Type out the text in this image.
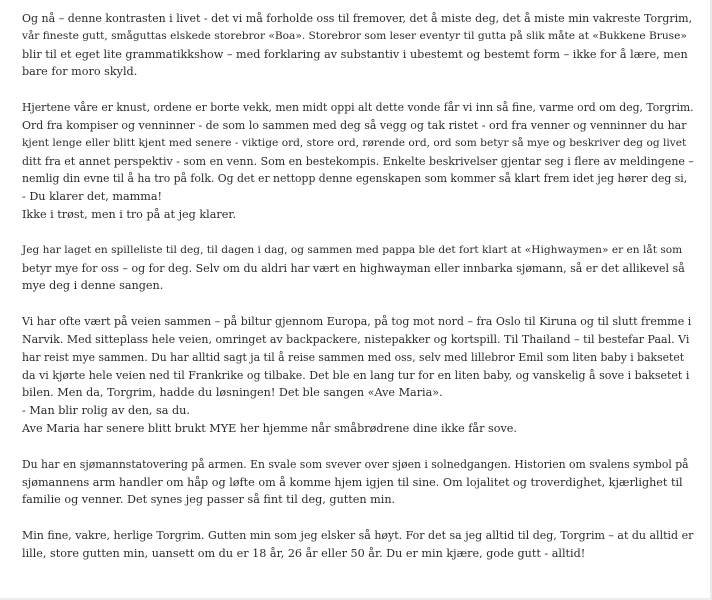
Og nå – denne kontrasten i livet - det vi må forholde oss til fremover, det å miste deg, det å miste min vakreste Torgrim,
vår fineste gutt, småguttas elskede storebror «Boa». Storebror som leser eventyr til gutta på slik måte at «Bukkene Bruse»
blir til et eget lite grammatikkshow – med forklaring av substantiv i ubestemt og bestemt form – ikke for å lære, men
bare for moro skyld.

Hjertene våre er knust, ordene er borte vekk, men midt oppi alt dette vonde får vi inn så fine, varme ord om deg, Torgrim.
Ord fra kompiser og venninner - de som lo sammen med deg så vegg og tak ristet - ord fra venner og venninner du har
kjent lenge eller blitt kjent med senere - viktige ord, store ord, rørende ord, ord som betyr så mye og beskriver deg og livet
ditt fra et annet perspektiv - som en venn. Som en bestekompis. Enkelte beskrivelser gjentar seg i flere av meldingene –
nemlig din evne til å ha tro på folk. Og det er nettopp denne egenskapen som kommer så klart frem idet jeg hører deg si,
- Du klarer det, mamma!
Ikke i trøst, men i tro på at jeg klarer.

Jeg har laget en spilleliste til deg, til dagen i dag, og sammen med pappa ble det fort klart at «Highwaymen» er en låt som
betyr mye for oss – og for deg. Selv om du aldri har vært en highwayman eller innbarka sjømann, så er det allikevel så
mye deg i denne sangen.

Vi har ofte vært på veien sammen – på biltur gjennom Europa, på tog mot nord – fra Oslo til Kiruna og til slutt fremme i
Narvik. Med sitteplass hele veien, omringet av backpackere, nistepakker og kortspill. Til Thailand – til bestefar Paal. Vi
har reist mye sammen. Du har alltid sagt ja til å reise sammen med oss, selv med lillebror Emil som liten baby i baksetet
da vi kjørte hele veien ned til Frankrike og tilbake. Det ble en lang tur for en liten baby, og vanskelig å sove i baksetet i
bilen. Men da, Torgrim, hadde du løsningen! Det ble sangen «Ave Maria».
- Man blir rolig av den, sa du.
Ave Maria har senere blitt brukt MYE her hjemme når småbrødrene dine ikke får sove.

Du har en sjømannstatovering på armen. En svale som svever over sjøen i solnedgangen. Historien om svalens symbol på
sjømannens arm handler om håp og løfte om å komme hjem igjen til sine. Om lojalitet og troverdighet, kjærlighet til
familie og venner. Det synes jeg passer så fint til deg, gutten min.

Min fine, vakre, herlige Torgrim. Gutten min som jeg elsker så høyt. For det sa jeg alltid til deg, Torgrim – at du alltid er
lille, store gutten min, uansett om du er 18 år, 26 år eller 50 år. Du er min kjære, gode gutt - alltid!
